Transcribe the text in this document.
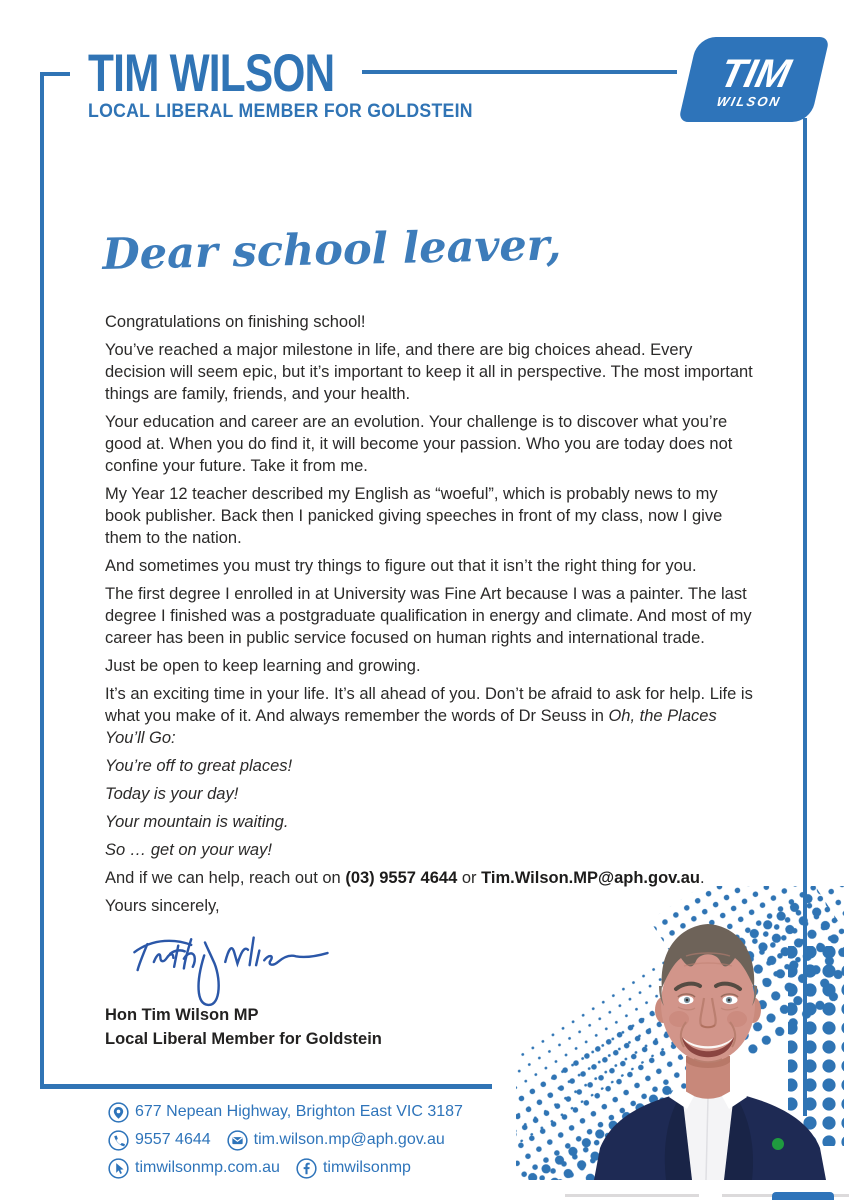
TIM WILSON
LOCAL LIBERAL MEMBER FOR GOLDSTEIN
TIM
WILSON
Dear school leaver,

Congratulations on finishing school!

You’ve reached a major milestone in life, and there are big choices ahead. Every decision will seem epic, but it’s important to keep it all in perspective. The most important things are family, friends, and your health.

Your education and career are an evolution. Your challenge is to discover what you’re good at. When you do find it, it will become your passion. Who you are today does not confine your future. Take it from me.

My Year 12 teacher described my English as “woeful”, which is probably news to my book publisher. Back then I panicked giving speeches in front of my class, now I give them to the nation.

And sometimes you must try things to figure out that it isn’t the right thing for you.

The first degree I enrolled in at University was Fine Art because I was a painter. The last degree I finished was a postgraduate qualification in energy and climate. And most of my career has been in public service focused on human rights and international trade.

Just be open to keep learning and growing.

It’s an exciting time in your life. It’s all ahead of you. Don’t be afraid to ask for help. Life is what you make of it. And always remember the words of Dr Seuss in Oh, the Places You’ll Go:

You’re off to great places!

Today is your day!

Your mountain is waiting.

So … get on your way!

And if we can help, reach out on (03) 9557 4644 or Tim.Wilson.MP@aph.gov.au.

Yours sincerely,

Hon Tim Wilson MP
Local Liberal Member for Goldstein
677 Nepean Highway, Brighton East VIC 3187
9557 4644	tim.wilson.mp@aph.gov.au
timwilsonmp.com.au	timwilsonmp
